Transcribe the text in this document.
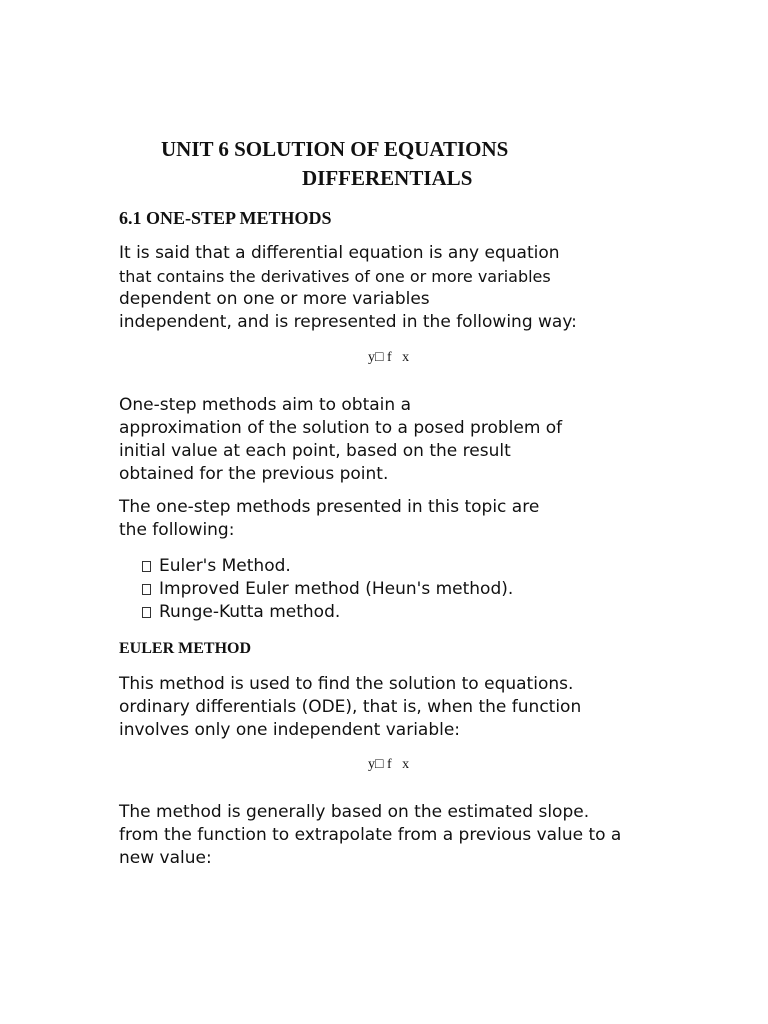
UNIT 6 SOLUTION OF EQUATIONS
DIFFERENTIALS
6.1 ONE-STEP METHODS
It is said that a differential equation is any equation
that contains the derivatives of one or more variables
dependent on one or more variables
independent, and is represented in the following way:
y□ f   x
One-step methods aim to obtain a
approximation of the solution to a posed problem of
initial value at each point, based on the result
obtained for the previous point.
The one-step methods presented in this topic are
the following:
Euler's Method.
Improved Euler method (Heun's method).
Runge-Kutta method.
EULER METHOD
This method is used to find the solution to equations.
ordinary differentials (ODE), that is, when the function
involves only one independent variable:
y□ f   x
The method is generally based on the estimated slope.
from the function to extrapolate from a previous value to a
new value:
